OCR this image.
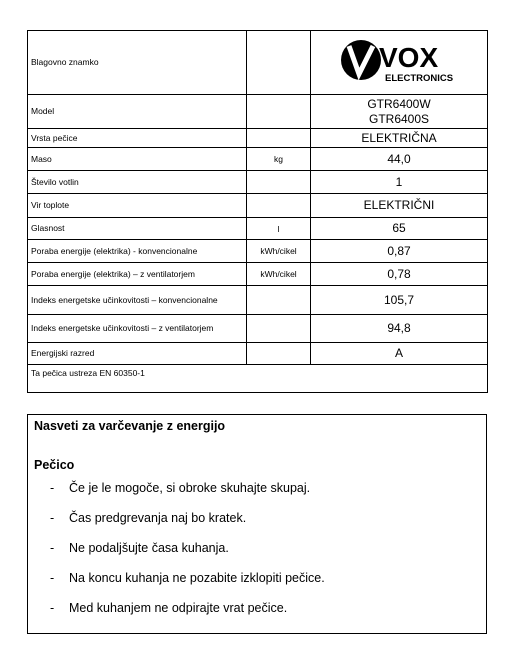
Blagovno znamko		VOX
ELECTRONICS

Model		GTR6400W
GTR6400S

Vrsta pečice		ELEKTRIČNA
Maso	kg	44,0
Število votlin		1
Vir toplote		ELEKTRIČNI
Glasnost	l	65
Poraba energije (elektrika) - konvencionalne	kWh/cikel	0,87
Poraba energije (elektrika) – z ventilatorjem	kWh/cikel	0,78
Indeks energetske učinkovitosti – konvencionalne		105,7
Indeks energetske učinkovitosti – z ventilatorjem		94,8
Energijski razred		A
Ta pečica ustreza EN 60350-1		
Nasveti za varčevanje z energijo
Pečico
- Če je le mogoče, si obroke skuhajte skupaj.
- Čas predgrevanja naj bo kratek.
- Ne podaljšujte časa kuhanja.
- Na koncu kuhanja ne pozabite izklopiti pečice.
- Med kuhanjem ne odpirajte vrat pečice.
